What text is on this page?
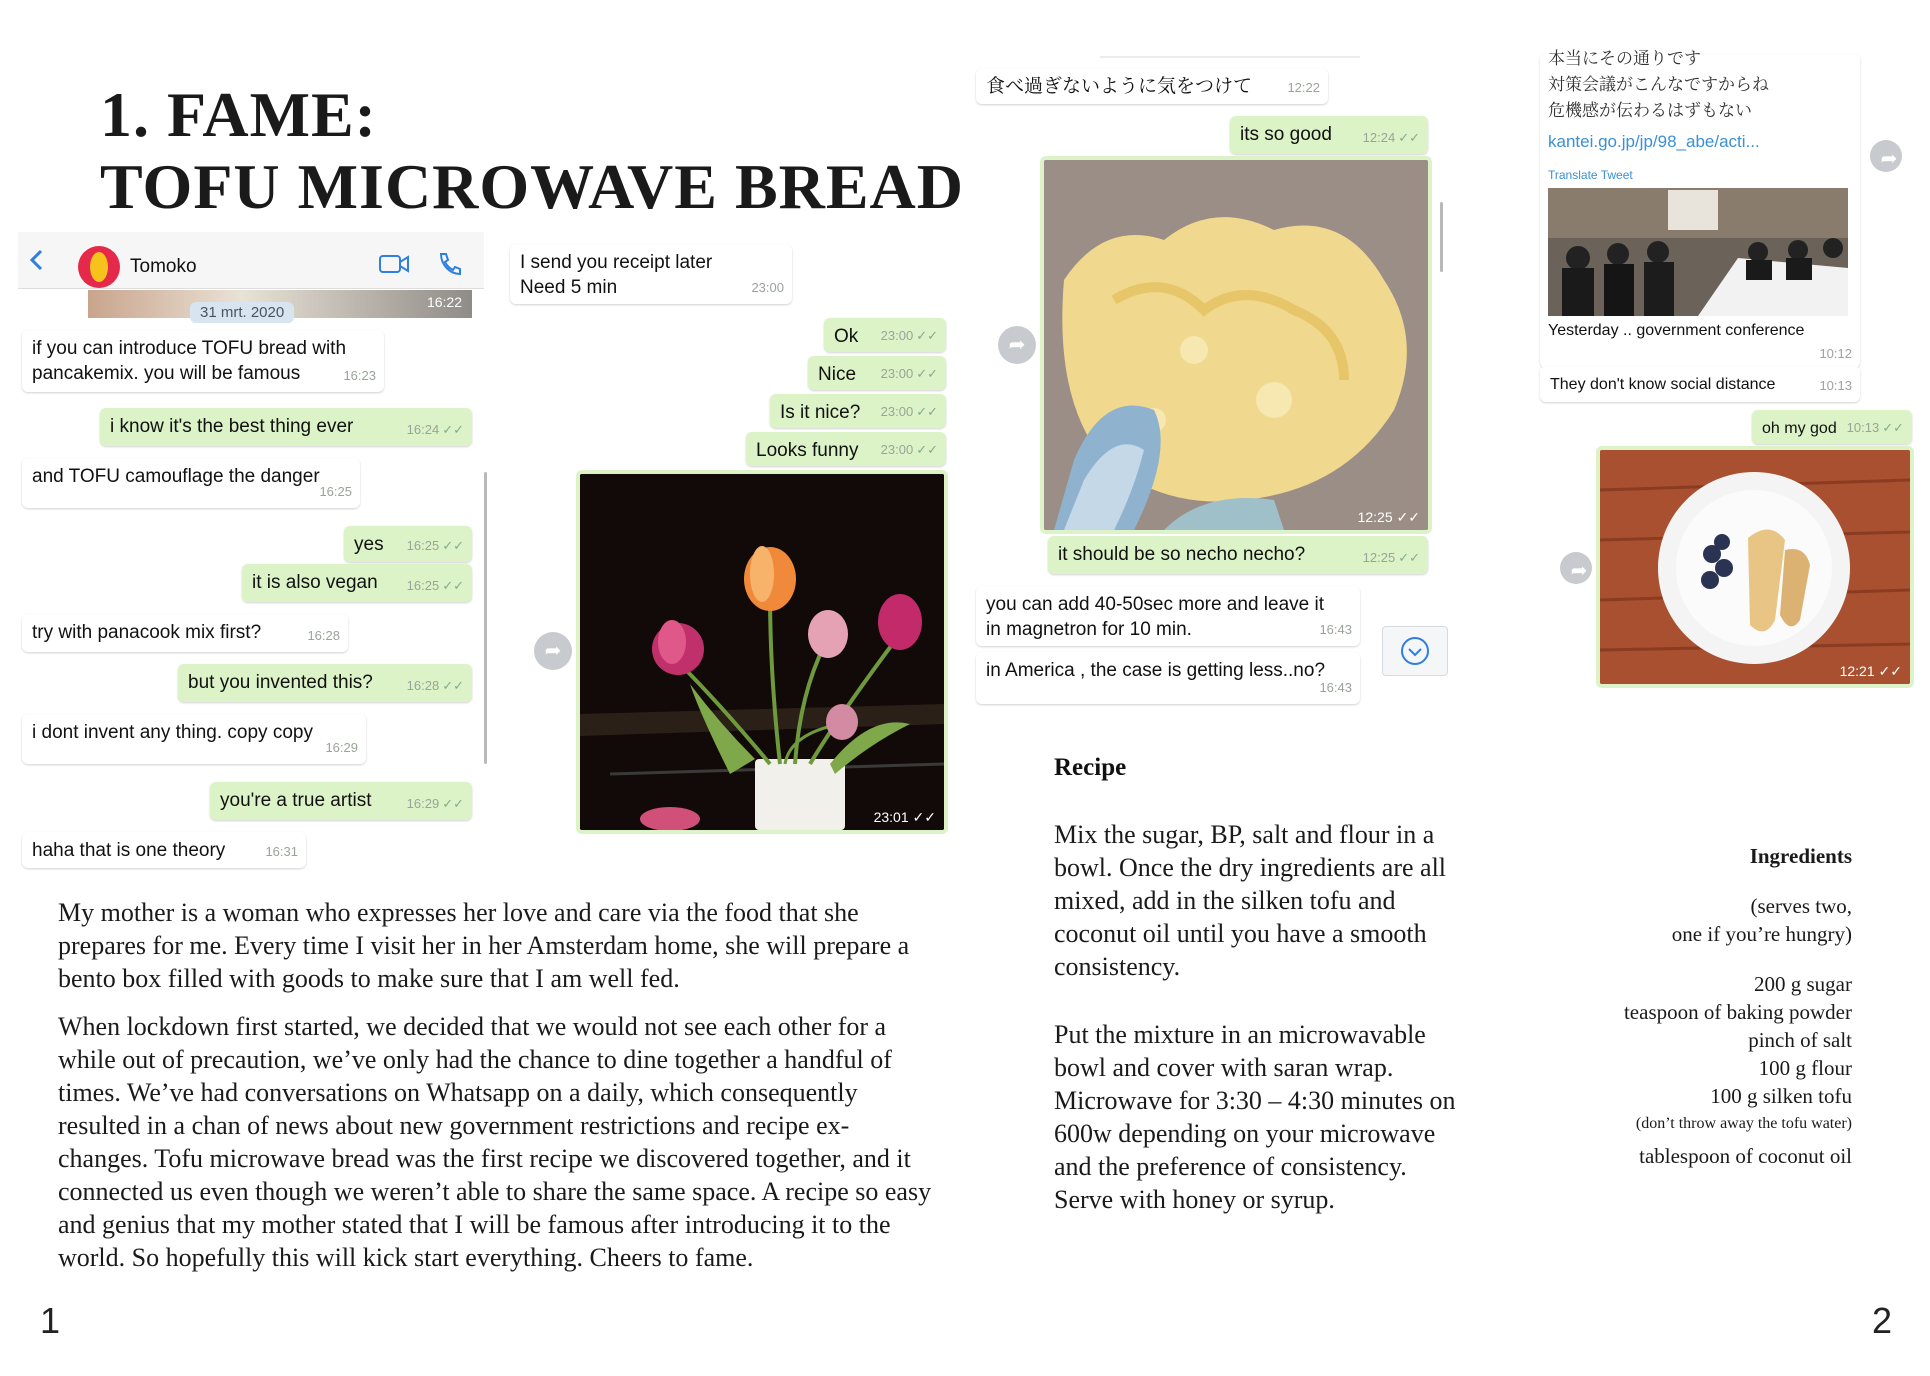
1. FAME:
TOFU MICROWAVE BREAD
16:22
Tomoko
31 mrt. 2020
if you can introduce TOFU bread with
pancakemix. you will be famous	16:23
i know it's the best thing ever	16:24 ✓✓
and TOFU camouflage the danger
16:25
yes 16:25 ✓✓
it is also vegan 16:25 ✓✓
try with panacook mix first?	16:28
but you invented this?	16:28 ✓✓
i dont invent any thing. copy copy
16:29
you're a true artist	16:29 ✓✓
haha that is one theory	16:31
I send you receipt later
Need 5 min	23:00
Ok 23:00 ✓✓
Nice 23:00 ✓✓
Is it nice? 23:00 ✓✓
Looks funny 23:00 ✓✓
➦
23:01 ✓✓
食べ過ぎないように気をつけて	12:22
its so good 12:24 ✓✓
➦
12:25 ✓✓
it should be so necho necho?	12:25 ✓✓
you can add 40-50sec more and leave it
in magnetron for 10 min.	16:43
in America , the case is getting less..no?
16:43
本当にその通りです
対策会議がこんなですからね
危機感が伝わるはずもない
kantei.go.jp/jp/98_abe/acti...
Translate Tweet
Yesterday .. government conference
10:12
➦
They don't know social distance	10:13
oh my god 10:13 ✓✓
➦
12:21 ✓✓
My mother is a woman who expresses her love and care via the food that she prepares for me. Every time I visit her in her Amsterdam home, she will prepare a bento box filled with goods to make sure that I am well fed.
When lockdown first started, we decided that we would not see each other for a while out of precaution, we’ve only had the chance to dine together a handful of times. We’ve had conversations on Whatsapp on a daily, which consequently resulted in a chan of news about new government restrictions and recipe ex-changes. Tofu microwave bread was the first recipe we discovered together, and it connected us even though we weren’t able to share the same space. A recipe so easy and genius that my mother stated that I will be famous after introducing it to the world. So hopefully this will kick start everything. Cheers to fame.
Recipe
Mix the sugar, BP, salt and flour in a bowl. Once the dry ingredients are all mixed, add in the silken tofu and coconut oil until you have a smooth consistency.
Put the mixture in an microwavable bowl and cover with saran wrap. Microwave for 3:30 – 4:30 minutes on 600w depending on your microwave and the preference of consistency.
Serve with honey or syrup.
Ingredients
(serves two,
one if you’re hungry)
200 g sugar
teaspoon of baking powder
pinch of salt
100 g flour
100 g silken tofu
(don’t throw away the tofu water)
tablespoon of coconut oil
1	2
